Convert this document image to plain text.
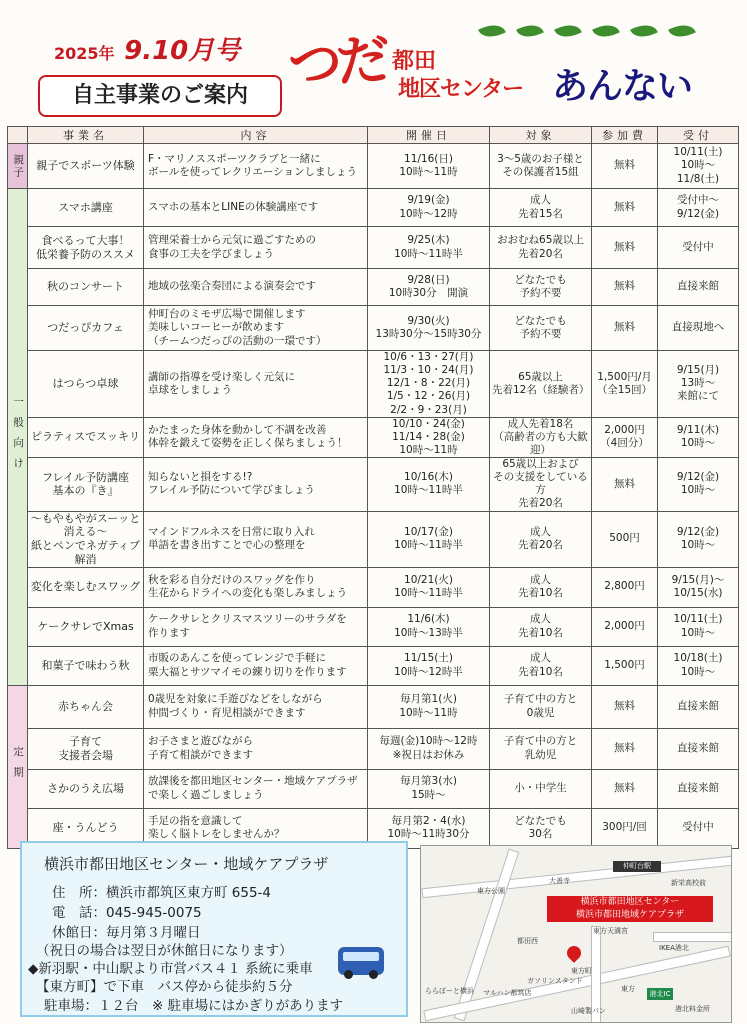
2025年 9.10月号
自主事業のご案内 つだ 都田
地区センター あんない
	事業名	内容	開催日	対象	参加費	受付
親子	親子でスポーツ体験	F・マリノススポーツクラブと一緒に
ボールを使ってレクリエーションしましょう	11/16(日)
10時〜11時	3〜5歳のお子様と
その保護者15組	無料	10/11(土)
10時〜
11/8(土)
一般向け	スマホ講座	スマホの基本とLINEの体験講座です	9/19(金)
10時〜12時	成人
先着15名	無料	受付中〜
9/12(金)
	食べるって大事！
低栄養予防のススメ	管理栄養士から元気に過ごすための
食事の工夫を学びましょう	9/25(木)
10時〜11時半	おおむね65歳以上
先着20名	無料	受付中
	秋のコンサート	地域の弦楽合奏団による演奏会です	9/28(日)
10時30分　開演	どなたでも
予約不要	無料	直接来館
	つだっぴカフェ	仲町台のミモザ広場で開催します
美味しいコーヒーが飲めます
（チームつだっぴの活動の一環です）	9/30(火)
13時30分〜15時30分	どなたでも
予約不要	無料	直接現地へ
	はつらつ卓球	講師の指導を受け楽しく元気に
卓球をしましょう	10/6・13・27(月)
11/3・10・24(月)
12/1・8・22(月)
1/5・12・26(月)
2/2・9・23(月)	65歳以上
先着12名（経験者）	1,500円/月
（全15回）	9/15(月)
13時〜
来館にて
	ピラティスでスッキリ	かたまった身体を動かして不調を改善
体幹を鍛えて姿勢を正しく保ちましょう！	10/10・24(金)
11/14・28(金)
10時〜11時	成人先着18名
（高齢者の方も大歓迎）	2,000円
（4回分）	9/11(木)
10時〜
	フレイル予防講座
基本の『き』	知らないと損をする!?
フレイル予防について学びましょう	10/16(木)
10時〜11時半	65歳以上および
その支援をしている方
先着20名	無料	9/12(金)
10時〜
	〜もやもやがスーッと消える〜
紙とペンでネガティブ
解消	マインドフルネスを日常に取り入れ
単語を書き出すことで心の整理を	10/17(金)
10時〜11時半	成人
先着20名	500円	9/12(金)
10時〜
	変化を楽しむスワッグ	秋を彩る自分だけのスワッグを作り
生花からドライへの変化も楽しみましょう	10/21(火)
10時〜11時半	成人
先着10名	2,800円	9/15(月)〜
10/15(水)
	ケークサレでXmas	ケークサレとクリスマスツリーのサラダを
作ります	11/6(木)
10時〜13時半	成人
先着10名	2,000円	10/11(土)
10時〜
	和菓子で味わう秋	市販のあんこを使ってレンジで手軽に
栗大福とサツマイモの練り切りを作ります	11/15(土)
10時〜12時半	成人
先着10名	1,500円	10/18(土)
10時〜
定期	赤ちゃん会	0歳児を対象に手遊びなどをしながら
仲間づくり・育児相談ができます	毎月第1(火)
10時〜11時	子育て中の方と
0歳児	無料	直接来館
	子育て
支援者会場	お子さまと遊びながら
子育て相談ができます	毎週(金)10時〜12時
※祝日はお休み	子育て中の方と
乳幼児	無料	直接来館
	さかのうえ広場	放課後を都田地区センター・地域ケアプラザ
で楽しく過ごしましょう	毎月第3(水)
15時〜	小・中学生	無料	直接来館
	座・うんどう	手足の指を意識して
楽しく脳トレをしませんか？	毎月第2・4(水)
10時〜11時30分	どなたでも
30名	300円/回	受付中
横浜市都田地区センター・地域ケアプラザ
住　所：横浜市都筑区東方町 655-4
電　話：045-945-0075
休館日：毎月第３月曜日
（祝日の場合は翌日が休館日になります）
◆新羽駅・中山駅より市営バス４１ 系統に乗車
【東方町】で下車　バス停から徒歩約５分
駐車場：１２台　※ 駐車場にはかぎりがあります
仲町台駅
横浜市都田地区センター
横浜市都田地域ケアプラザ
港北IC
東方公園
大善寺	新栄高校前
都田西
東方天満宮
IKEA港北
港北料金所
ガソリンスタンド
マルハン都筑店
ららぽーと横浜
東方町
山崎製パン
東方
